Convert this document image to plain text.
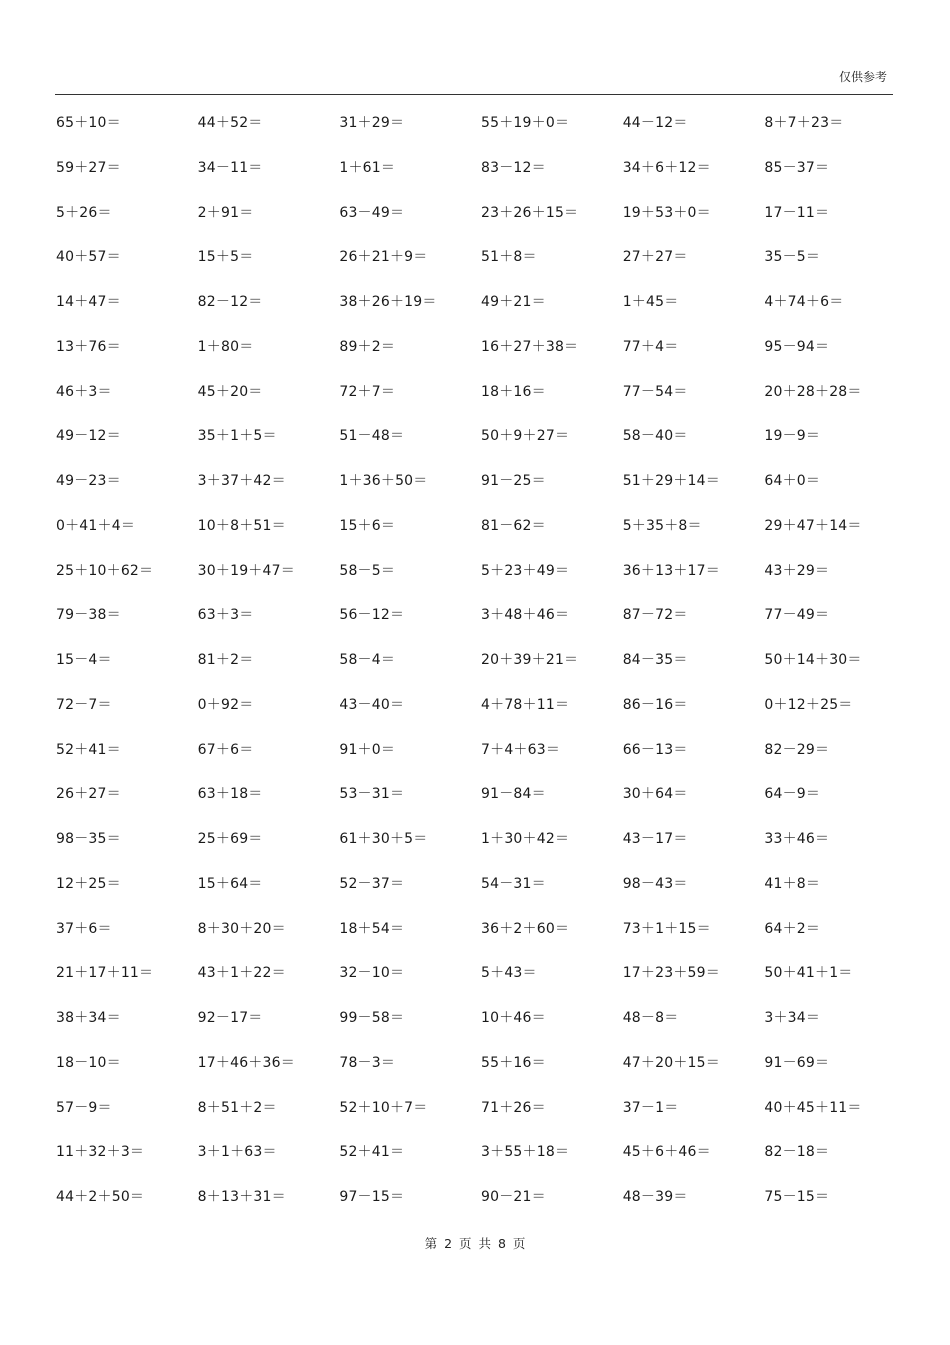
仅供参考
65＋10＝	44＋52＝	31＋29＝	55＋19＋0＝	44－12＝	8＋7＋23＝
59＋27＝	34－11＝	1＋61＝	83－12＝	34＋6＋12＝	85－37＝
5＋26＝	2＋91＝	63－49＝	23＋26＋15＝	19＋53＋0＝	17－11＝
40＋57＝	15＋5＝	26＋21＋9＝	51＋8＝	27＋27＝	35－5＝
14＋47＝	82－12＝	38＋26＋19＝	49＋21＝	1＋45＝	4＋74＋6＝
13＋76＝	1＋80＝	89＋2＝	16＋27＋38＝	77＋4＝	95－94＝
46＋3＝	45＋20＝	72＋7＝	18＋16＝	77－54＝	20＋28＋28＝
49－12＝	35＋1＋5＝	51－48＝	50＋9＋27＝	58－40＝	19－9＝
49－23＝	3＋37＋42＝	1＋36＋50＝	91－25＝	51＋29＋14＝	64＋0＝
0＋41＋4＝	10＋8＋51＝	15＋6＝	81－62＝	5＋35＋8＝	29＋47＋14＝
25＋10＋62＝	30＋19＋47＝	58－5＝	5＋23＋49＝	36＋13＋17＝	43＋29＝
79－38＝	63＋3＝	56－12＝	3＋48＋46＝	87－72＝	77－49＝
15－4＝	81＋2＝	58－4＝	20＋39＋21＝	84－35＝	50＋14＋30＝
72－7＝	0＋92＝	43－40＝	4＋78＋11＝	86－16＝	0＋12＋25＝
52＋41＝	67＋6＝	91＋0＝	7＋4＋63＝	66－13＝	82－29＝
26＋27＝	63＋18＝	53－31＝	91－84＝	30＋64＝	64－9＝
98－35＝	25＋69＝	61＋30＋5＝	1＋30＋42＝	43－17＝	33＋46＝
12＋25＝	15＋64＝	52－37＝	54－31＝	98－43＝	41＋8＝
37＋6＝	8＋30＋20＝	18＋54＝	36＋2＋60＝	73＋1＋15＝	64＋2＝
21＋17＋11＝	43＋1＋22＝	32－10＝	5＋43＝	17＋23＋59＝	50＋41＋1＝
38＋34＝	92－17＝	99－58＝	10＋46＝	48－8＝	3＋34＝
18－10＝	17＋46＋36＝	78－3＝	55＋16＝	47＋20＋15＝	91－69＝
57－9＝	8＋51＋2＝	52＋10＋7＝	71＋26＝	37－1＝	40＋45＋11＝
11＋32＋3＝	3＋1＋63＝	52＋41＝	3＋55＋18＝	45＋6＋46＝	82－18＝
44＋2＋50＝	8＋13＋31＝	97－15＝	90－21＝	48－39＝	75－15＝
第 2 页 共 8 页
